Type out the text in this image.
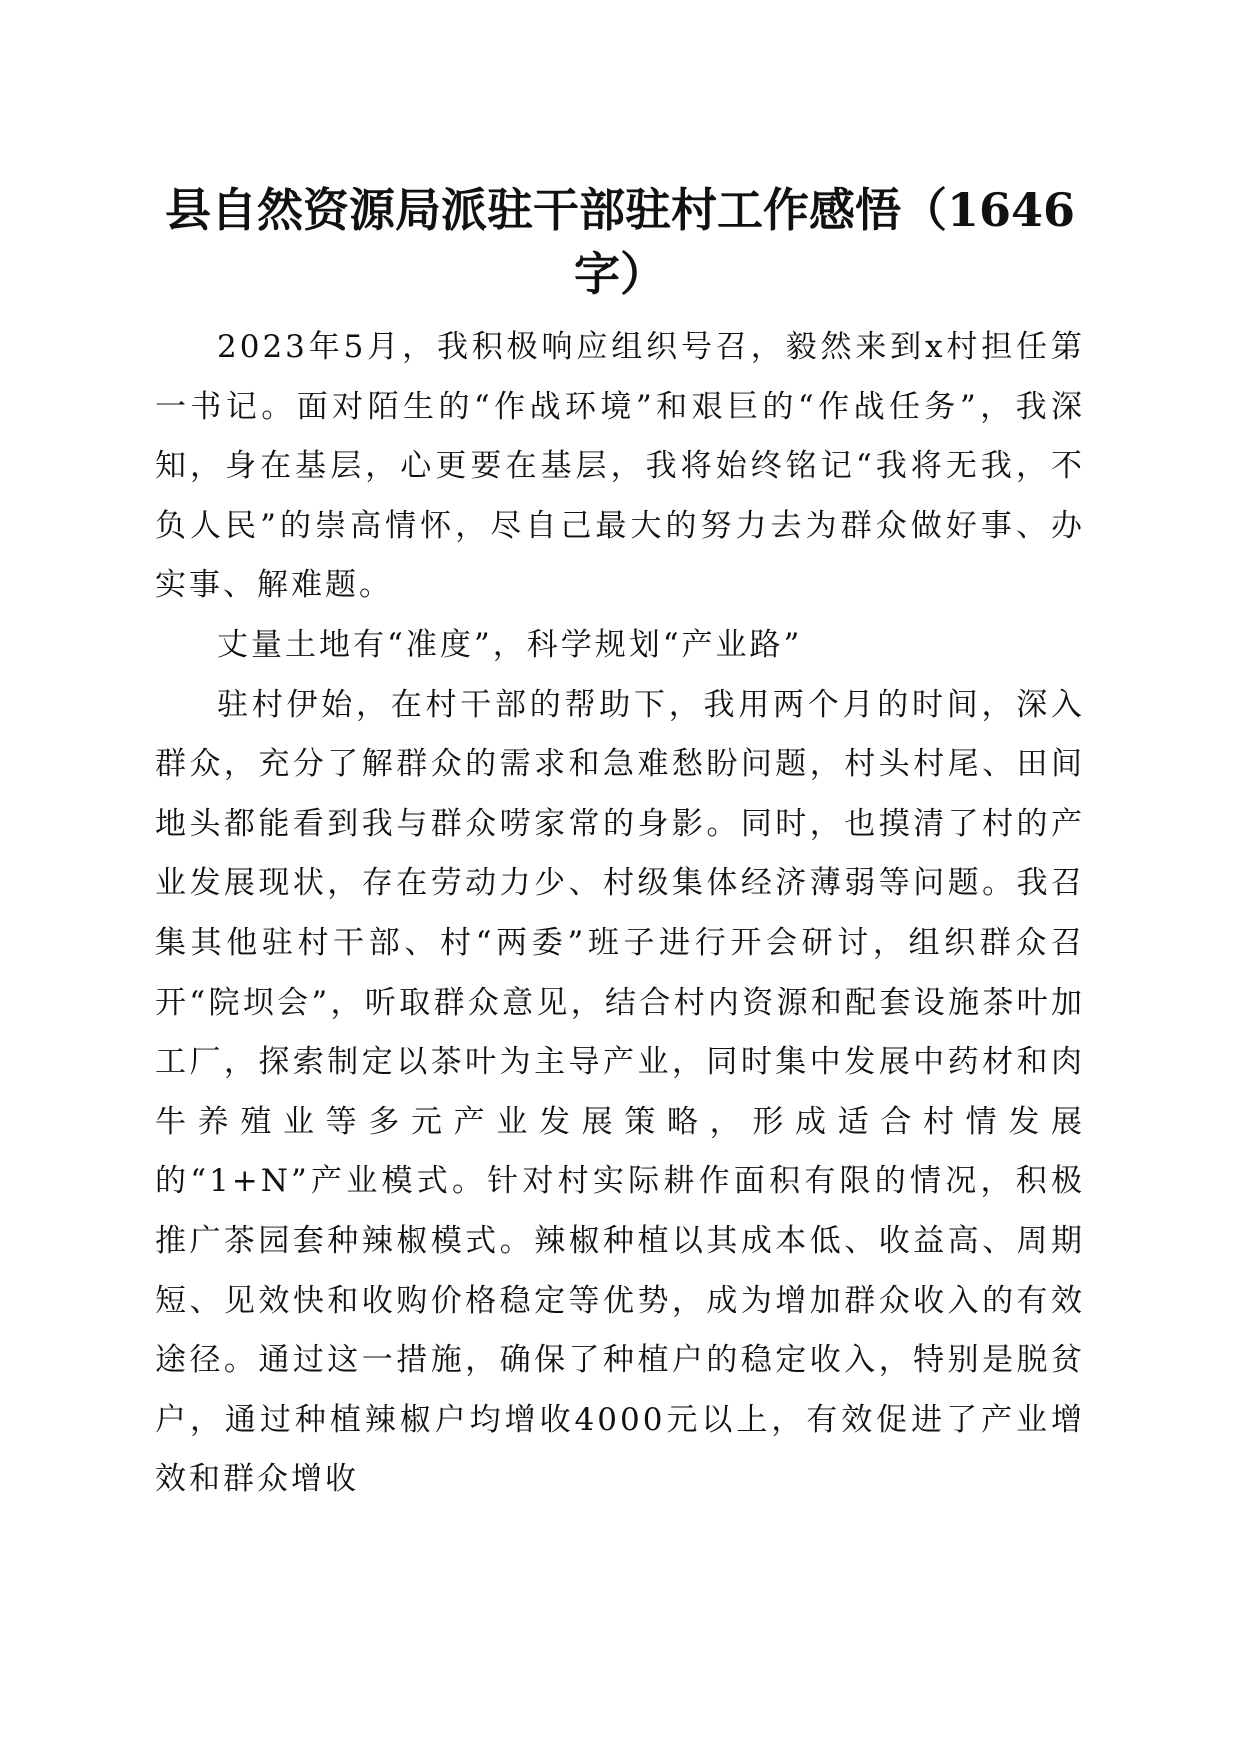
县自然资源局派驻干部驻村工作感悟（1646
字）

2023年5月，我积极响应组织号召，毅然来到x村担任第一书记。面对陌生的“作战环境”和艰巨的“作战任务”，我深知，身在基层，心更要在基层，我将始终铭记“我将无我，不负人民”的崇高情怀，尽自己最大的努力去为群众做好事、办实事、解难题。

丈量土地有“准度”，科学规划“产业路”

驻村伊始，在村干部的帮助下，我用两个月的时间，深入群众，充分了解群众的需求和急难愁盼问题，村头村尾、田间地头都能看到我与群众唠家常的身影。同时，也摸清了村的产业发展现状，存在劳动力少、村级集体经济薄弱等问题。我召集其他驻村干部、村“两委”班子进行开会研讨，组织群众召开“院坝会”，听取群众意见，结合村内资源和配套设施茶叶加工厂，探索制定以茶叶为主导产业，同时集中发展中药材和肉牛养殖业等多元产业发展策略，形成适合村情发展的“1+N”产业模式。针对村实际耕作面积有限的情况，积极推广茶园套种辣椒模式。辣椒种植以其成本低、收益高、周期短、见效快和收购价格稳定等优势，成为增加群众收入的有效途径。通过这一措施，确保了种植户的稳定收入，特别是脱贫户，通过种植辣椒户均增收4000元以上，有效促进了产业增效和群众增收
